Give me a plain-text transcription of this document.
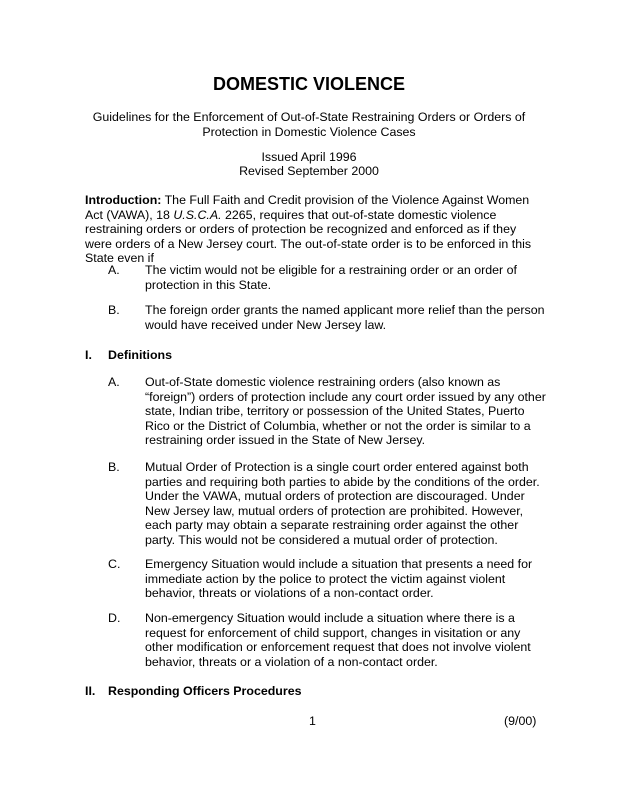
DOMESTIC VIOLENCE
Guidelines for the Enforcement of Out-of-State Restraining Orders or Orders of Protection in Domestic Violence Cases
Issued April 1996
Revised September 2000
Introduction: The Full Faith and Credit provision of the Violence Against Women Act (VAWA), 18 U.S.C.A. 2265, requires that out-of-state domestic violence restraining orders or orders of protection be recognized and enforced as if they were orders of a New Jersey court. The out-of-state order is to be enforced in this State even if
A. The victim would not be eligible for a restraining order or an order of protection in this State.
B. The foreign order grants the named applicant more relief than the person would have received under New Jersey law.
I. Definitions
A. Out-of-State domestic violence restraining orders (also known as “foreign”) orders of protection include any court order issued by any other state, Indian tribe, territory or possession of the United States, Puerto Rico or the District of Columbia, whether or not the order is similar to a restraining order issued in the State of New Jersey.
B. Mutual Order of Protection is a single court order entered against both parties and requiring both parties to abide by the conditions of the order. Under the VAWA, mutual orders of protection are discouraged. Under New Jersey law, mutual orders of protection are prohibited. However, each party may obtain a separate restraining order against the other party. This would not be considered a mutual order of protection.
C. Emergency Situation would include a situation that presents a need for immediate action by the police to protect the victim against violent behavior, threats or violations of a non-contact order.
D. Non-emergency Situation would include a situation where there is a request for enforcement of child support, changes in visitation or any other modification or enforcement request that does not involve violent behavior, threats or a violation of a non-contact order.
II. Responding Officers Procedures
1	(9/00)
